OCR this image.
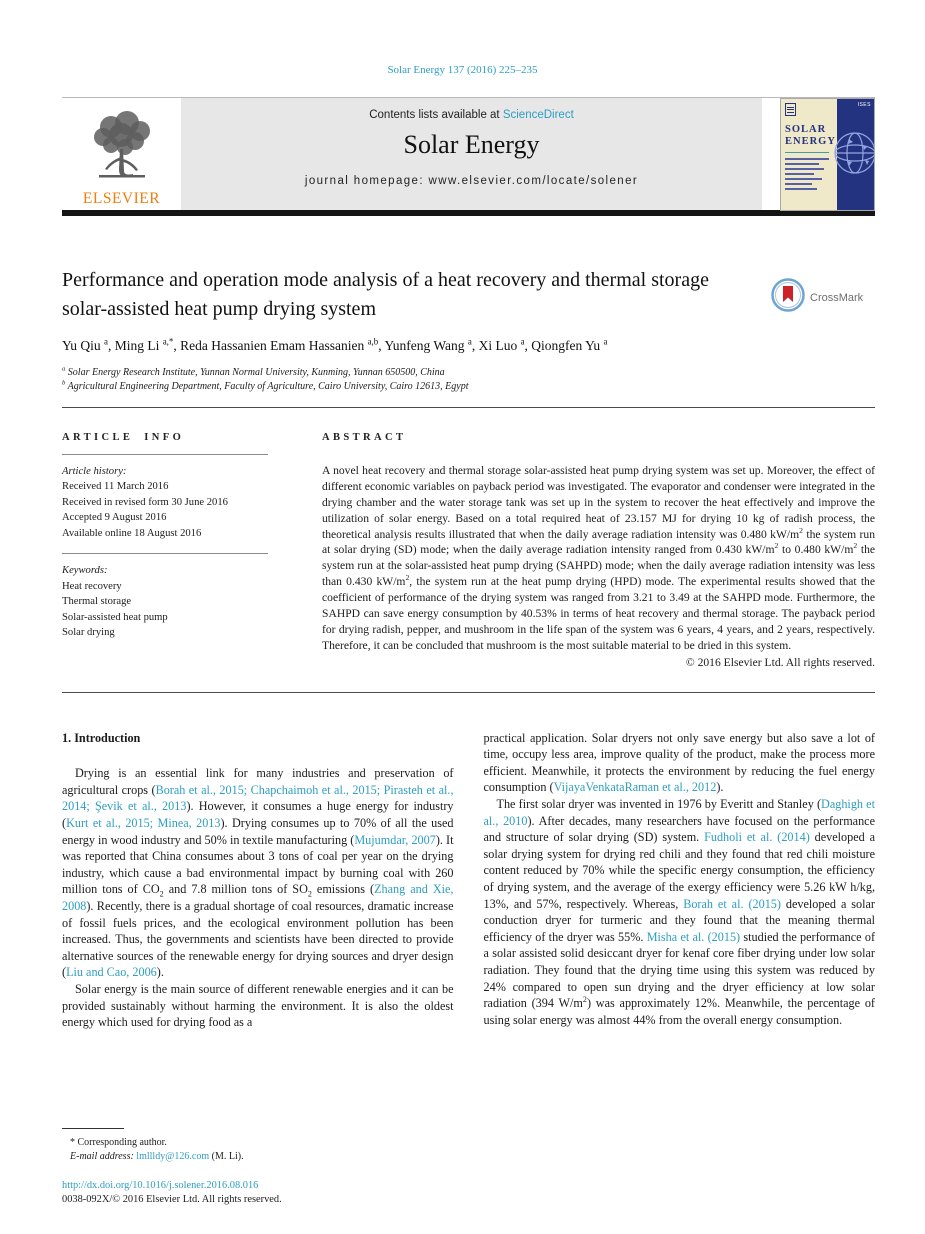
Solar Energy 137 (2016) 225–235
ELSEVIER
Contents lists available at ScienceDirect
Solar Energy
journal homepage: www.elsevier.com/locate/solener
SOLAR
ENERGY
ISES
Performance and operation mode analysis of a heat recovery and thermal storage solar-assisted heat pump drying system	CrossMark
Yu Qiu $^a$, Ming Li $^{a,*}$, Reda Hassanien Emam Hassanien $^{a,b}$, Yunfeng Wang $^a$, Xi Luo $^a$, Qiongfen Yu $^a$
$^a$ Solar Energy Research Institute, Yunnan Normal University, Kunming, Yunnan 650500, China
$^b$ Agricultural Engineering Department, Faculty of Agriculture, Cairo University, Cairo 12613, Egypt
ARTICLE INFO
Article history:
Received 11 March 2016
Received in revised form 30 June 2016
Accepted 9 August 2016
Available online 18 August 2016
Keywords:
Heat recovery
Thermal storage
Solar-assisted heat pump
Solar drying
ABSTRACT
A novel heat recovery and thermal storage solar-assisted heat pump drying system was set up. Moreover, the effect of different economic variables on payback period was investigated. The evaporator and condenser were integrated in the drying chamber and the water storage tank was set up in the system to recover the heat effectively and improve the utilization of solar energy. Based on a total required heat of 23.157 MJ for drying 10 kg of radish process, the theoretical analysis results illustrated that when the daily average radiation intensity was 0.480 $kW/m^2$ the system run at solar drying (SD) mode; when the daily average radiation intensity ranged from 0.430 $kW/m^2$ to 0.480 $kW/m^2$ the system run at the solar-assisted heat pump drying (SAHPD) mode; when the daily average radiation intensity was less than 0.430 $kW/m^2$, the system run at the heat pump drying (HPD) mode. The experimental results showed that the coefficient of performance of the drying system was ranged from 3.21 to 3.49 at the SAHPD mode. Furthermore, the SAHPD can save energy consumption by 40.53% in terms of heat recovery and thermal storage. The payback period for drying radish, pepper, and mushroom in the life span of the system was 6 years, 4 years, and 2 years, respectively. Therefore, it can be concluded that mushroom is the most suitable material to be dried in this system.
© 2016 Elsevier Ltd. All rights reserved.
1. Introduction

Drying is an essential link for many industries and preservation of agricultural crops (Borah et al., 2015; Chapchaimoh et al., 2015; Pirasteh et al., 2014; Şevik et al., 2013). However, it consumes a huge energy for industry (Kurt et al., 2015; Minea, 2013). Drying consumes up to 70% of all the used energy in wood industry and 50% in textile manufacturing (Mujumdar, 2007). It was reported that China consumes about 3 tons of coal per year on the drying industry, which cause a bad environmental impact by burning coal with 260 million tons of $CO_2$ and 7.8 million tons of $SO_2$ emissions (Zhang and Xie, 2008). Recently, there is a gradual shortage of coal resources, dramatic increase of fossil fuels prices, and the ecological environment pollution has been increased. Thus, the governments and scientists have been directed to provide alternative sources of the renewable energy for drying sources and dryer design (Liu and Cao, 2006).

Solar energy is the main source of different renewable energies and it can be provided sustainably without harming the environment. It is also the oldest energy which used for drying food as a

* Corresponding author.
E-mail address: lmllldy@126.com (M. Li).
http://dx.doi.org/10.1016/j.solener.2016.08.016
0038-092X/© 2016 Elsevier Ltd. All rights reserved.

practical application. Solar dryers not only save energy but also save a lot of time, occupy less area, improve quality of the product, make the process more efficient. Meanwhile, it protects the environment by reducing the fuel energy consumption (VijayaVenkataRaman et al., 2012).

The first solar dryer was invented in 1976 by Everitt and Stanley (Daghigh et al., 2010). After decades, many researchers have focused on the performance and structure of solar drying (SD) system. Fudholi et al. (2014) developed a solar drying system for drying red chili and they found that red chili moisture content reduced by 70% while the specific energy consumption, the efficiency of drying system, and the average of the exergy efficiency were 5.26 kW h/kg, 13%, and 57%, respectively. Whereas, Borah et al. (2015) developed a solar conduction dryer for turmeric and they found that the meaning thermal efficiency of the dryer was 55%. Misha et al. (2015) studied the performance of a solar assisted solid desiccant dryer for kenaf core fiber drying under low solar radiation. They found that the drying time using this system was reduced by 24% compared to open sun drying and the dryer efficiency at low solar radiation (394 $W/m^2$) was approximately 12%. Meanwhile, the percentage of using solar energy was almost 44% from the overall energy consumption.
